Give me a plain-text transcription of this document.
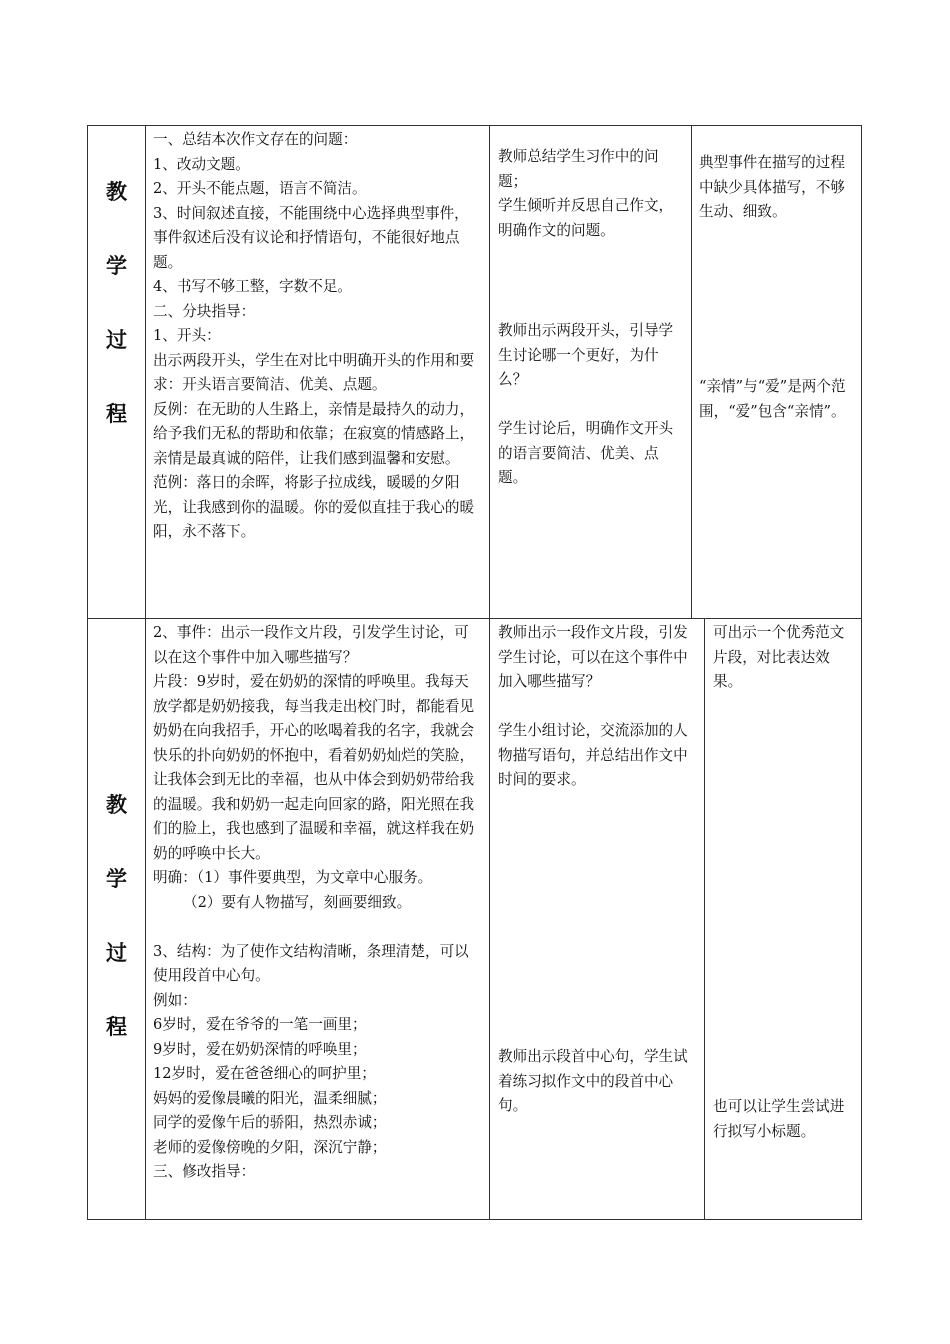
教
学
过
程

一、总结本次作文存在的问题：

1、改动文题。

2、开头不能点题，语言不简洁。

3、时间叙述直接，不能围绕中心选择典型事件，事件叙述后没有议论和抒情语句，不能很好地点题。

4、书写不够工整，字数不足。

二、分块指导：

1、开头：

出示两段开头，学生在对比中明确开头的作用和要求：开头语言要简洁、优美、点题。

反例：在无助的人生路上，亲情是最持久的动力，给予我们无私的帮助和依靠；在寂寞的情感路上，亲情是最真诚的陪伴，让我们感到温馨和安慰。

范例：落日的余晖，将影子拉成线，暖暖的夕阳光，让我感到你的温暖。你的爱似直挂于我心的暖阳，永不落下。

教师总结学生习作中的问题；

学生倾听并反思自己作文，明确作文的问题。

教师出示两段开头，引导学生讨论哪一个更好，为什么？

学生讨论后，明确作文开头的语言要简洁、优美、点题。

典型事件在描写的过程中缺少具体描写，不够生动、细致。

“亲情”与“爱”是两个范围，“爱”包含“亲情”。

教
学
过
程

2、事件：出示一段作文片段，引发学生讨论，可以在这个事件中加入哪些描写？

片段：9岁时，爱在奶奶的深情的呼唤里。我每天放学都是奶奶接我，每当我走出校门时，都能看见奶奶在向我招手，开心的吆喝着我的名字，我就会快乐的扑向奶奶的怀抱中，看着奶奶灿烂的笑脸，让我体会到无比的幸福，也从中体会到奶奶带给我的温暖。我和奶奶一起走向回家的路，阳光照在我们的脸上，我也感到了温暖和幸福，就这样我在奶奶的呼唤中长大。

明确：（1）事件要典型，为文章中心服务。

（2）要有人物描写，刻画要细致。

3、结构：为了使作文结构清晰，条理清楚，可以使用段首中心句。

例如：

6岁时，爱在爷爷的一笔一画里；

9岁时，爱在奶奶深情的呼唤里；

12岁时，爱在爸爸细心的呵护里；

妈妈的爱像晨曦的阳光，温柔细腻；

同学的爱像午后的骄阳，热烈赤诚；

老师的爱像傍晚的夕阳，深沉宁静；

三、修改指导：

教师出示一段作文片段，引发学生讨论，可以在这个事件中加入哪些描写？

学生小组讨论，交流添加的人物描写语句，并总结出作文中时间的要求。

教师出示段首中心句，学生试着练习拟作文中的段首中心句。

可出示一个优秀范文片段，对比表达效果。

也可以让学生尝试进行拟写小标题。
